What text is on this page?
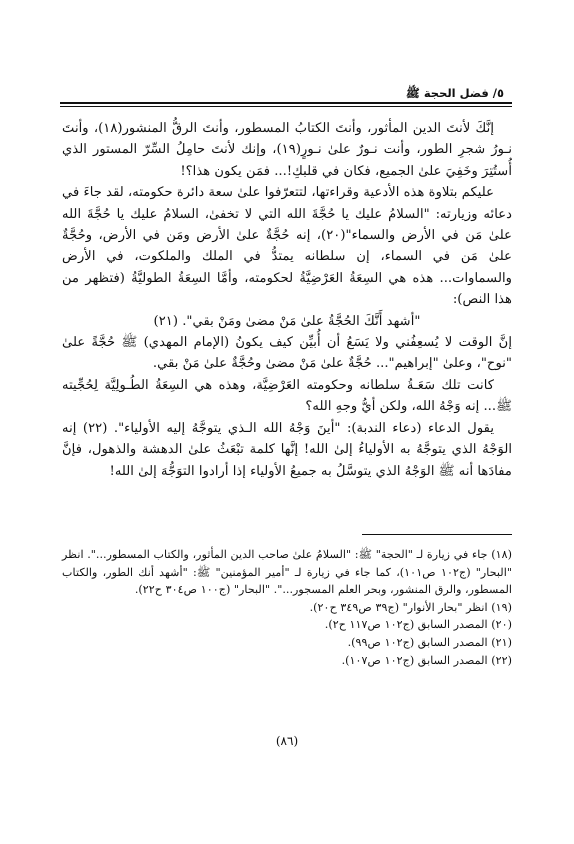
٥/ فضل الحجة ﷺ

إنَّكَ لأنتَ الدين المأثور، وأنتَ الكتابُ المسطور، وأنتَ الرقُّ المنشور(١٨)، وأنتَ نـورُ شجرِ الطور، وأنت نـورٌ علىٰ نـورٍ(١٩)، وإنك لأنتَ حامِلُ السِّرّ المستور الذي أُستُتِرَ وخَفِيَ علىٰ الجميع، فكان في قلبكِ!... فمَن يكون هذا؟!

عليكم بتلاوة هذه الأدعية وقراءتها، لتتعرّفوا علىٰ سعة دائرة حكومته، لقد جاءَ في دعائه وزيارته: "السلامُ عليك يا حُجَّةَ الله التي لا تخفىٰ، السلامُ عليك يا حُجَّةَ الله علىٰ مَن في الأرض والسماء"(٢٠)، إنه حُجَّةٌ علىٰ الأرض ومَن في الأرض، وحُجَّةٌ علىٰ مَن في السماء، إن سلطانه يمتدُّ في الملك والملكوت، في الأرض والسماوات... هذه هي السِعَةُ العَرْضِيَّةُ لحكومته، وأمَّا السِعَةُ الطوليَّةُ (فتظهر من هذا النص):

"أشهد أَنَّكَ الحُجَّةُ علىٰ مَنْ مضىٰ ومَنْ بقي". (٢١)

إنَّ الوقت لا يُسعِفُني ولا يَسَعُ أن أُبيِّن كيف يكونُ (الإمام المهدي) ﷺ حُجَّةً علىٰ "نوح"، وعلىٰ "إبراهيم"... حُجَّةٌ علىٰ مَنْ مضىٰ وحُجَّةٌ علىٰ مَنْ بقي.

كانت تلك سَعَـةُ سلطانه وحكومته العَرْضِيَّة، وهذه هي السِعَةُ الطُـولِيَّة لِحُجِّيته ﷺ... إنه وَجْهُ الله، ولكن أيُّ وجهِ الله؟

يقول الدعاء (دعاء الندبة): "أينَ وَجْهُ الله الـذي يتوجَّهُ إليه الأولياء". (٢٢) إنه الوَجْهُ الذي يتوجَّهُ به الأولياءُ إلىٰ الله! إنَّها كلمة تبْعَثُ علىٰ الدهشة والذهول، فإنَّ مفادَها أنه ﷺ الوَجْهُ الذي يتوسَّلُ به جميعُ الأولياء إذا أرادوا التوَجُّهَ إلىٰ الله!

(١٨) جاء في زيارة لـ "الحجة" ﷺ: "السلامُ علىٰ صاحب الدين المأثور، والكتاب المسطور...". انظر "البحار" (ج١٠٢ ص١٠١)، كما جاء في زيارة لـ "أمير المؤمنين" ﷺ: "أشهد أنك الطور، والكتاب المسطور، والرق المنشور، وبحر العلم المسجور...". "البحار" (ج١٠٠ ص٣٠٤ ح٢٢).

(١٩) انظر "بحار الأنوار" (ج٣٩ ص٣٤٩ ح٢٠).

(٢٠) المصدر السابق (ج١٠٢ ص١١٧ ح٢).

(٢١) المصدر السابق (ج١٠٢ ص٩٩).

(٢٢) المصدر السابق (ج١٠٢ ص١٠٧).

(٨٦)
